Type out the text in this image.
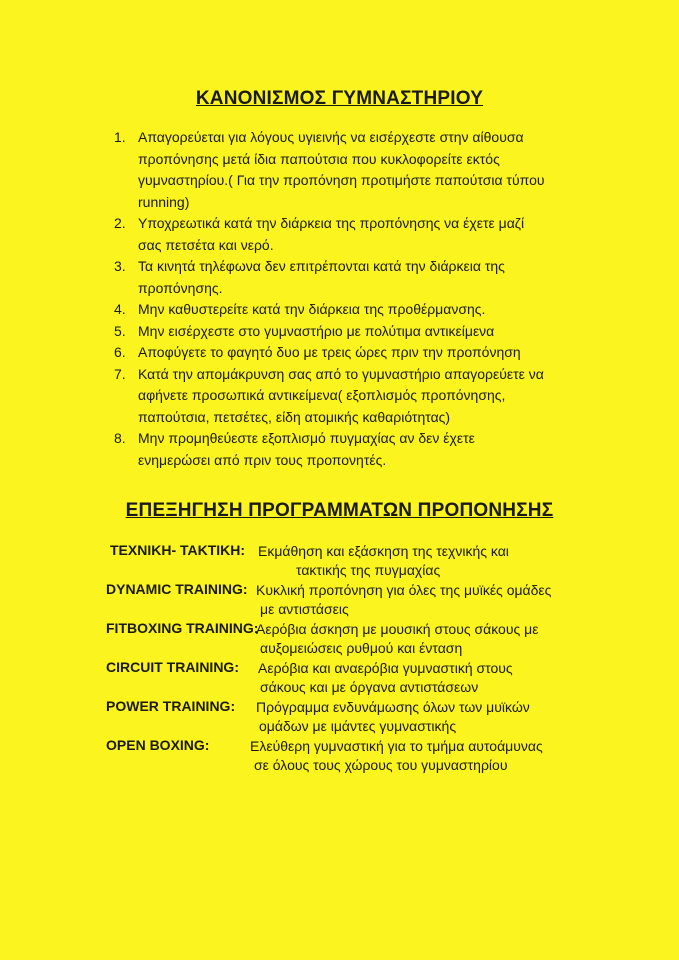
ΚΑΝΟΝΙΣΜΟΣ ΓΥΜΝΑΣΤΗΡΙΟΥ
1. Απαγορεύεται για λόγους υγιεινής να εισέρχεστε στην αίθουσα
προπόνησης μετά ίδια παπούτσια που κυκλοφορείτε εκτός
γυμναστηρίου.( Για την προπόνηση προτιμήστε παπούτσια τύπου
running)
2. Υποχρεωτικά κατά την διάρκεια της προπόνησης να έχετε μαζί
σας πετσέτα και νερό.
3. Τα κινητά τηλέφωνα δεν επιτρέπονται κατά την διάρκεια της
προπόνησης.
4. Μην καθυστερείτε κατά την διάρκεια της προθέρμανσης.
5. Μην εισέρχεστε στο γυμναστήριο με πολύτιμα αντικείμενα
6. Αποφύγετε το φαγητό δυο με τρεις ώρες πριν την προπόνηση
7. Κατά την απομάκρυνση σας από το γυμναστήριο απαγορεύετε να
αφήνετε προσωπικά αντικείμενα( εξοπλισμός προπόνησης,
παπούτσια, πετσέτες, είδη ατομικής καθαριότητας)
8. Μην προμηθεύεστε εξοπλισμό πυγμαχίας αν δεν έχετε
ενημερώσει από πριν τους προπονητές.
ΕΠΕΞΗΓΗΣΗ ΠΡΟΓΡΑΜΜΑΤΩΝ ΠΡΟΠΟΝΗΣΗΣ
ΤΕΧΝΙΚΗ- ΤΑΚΤΙΚΗ: Εκμάθηση και εξάσκηση της τεχνικής και
τακτικής της πυγμαχίας
DYNAMIC TRAINING: Κυκλική προπόνηση για όλες της μυϊκές ομάδες
με αντιστάσεις
FITBOXING TRAINING:
Αερόβια άσκηση με μουσική στους σάκους με
αυξομειώσεις ρυθμού και ένταση
CIRCUIT TRAINING: Αερόβια και αναερόβια γυμναστική στους
σάκους και με όργανα αντιστάσεων
POWER TRAINING: Πρόγραμμα ενδυνάμωσης όλων των μυϊκών
ομάδων με ιμάντες γυμναστικής
OPEN BOXING:	Ελεύθερη γυμναστική για το τμήμα αυτοάμυνας
σε όλους τους χώρους του γυμναστηρίου
